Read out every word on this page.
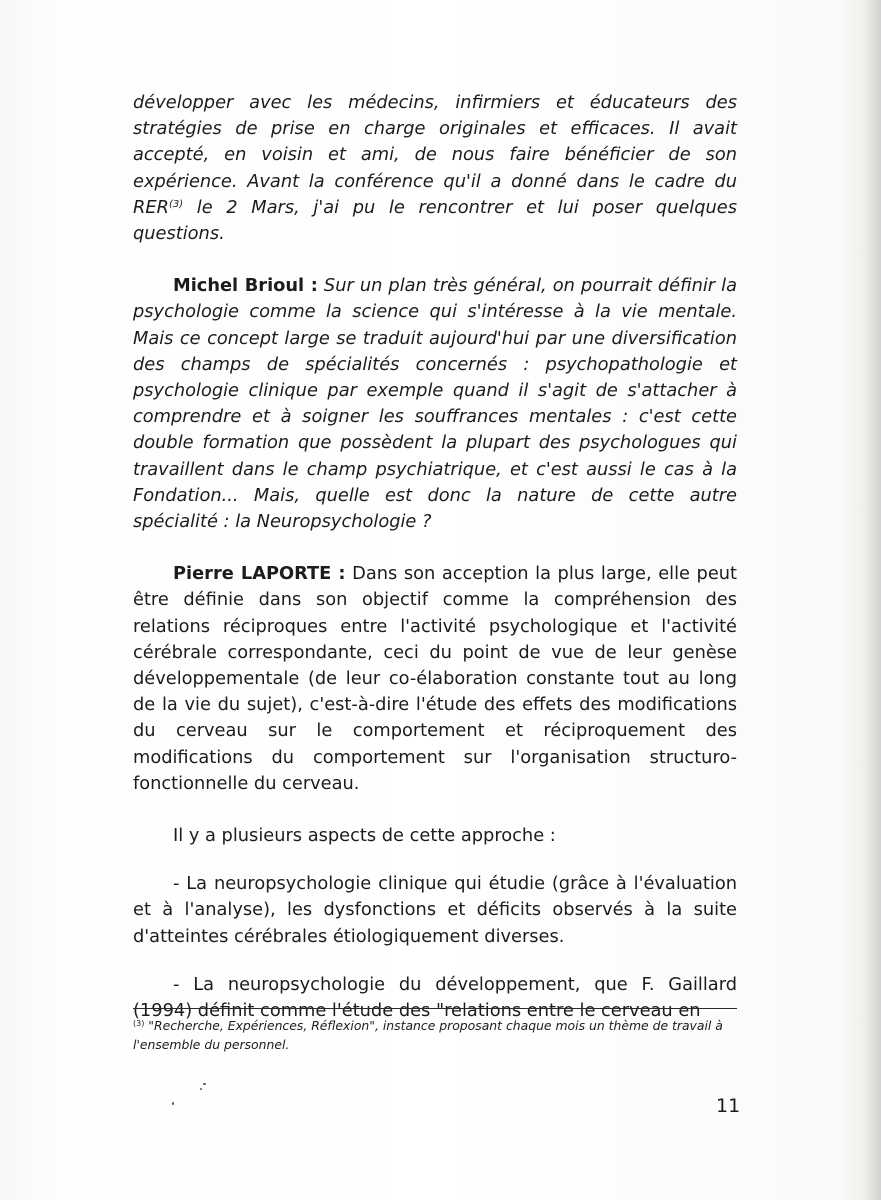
développer avec les médecins, infirmiers et éducateurs des stratégies de prise en charge originales et efficaces. Il avait accepté, en voisin et ami, de nous faire bénéficier de son expérience. Avant la conférence qu'il a donné dans le cadre du RER$^{(3)}$ le 2 Mars, j'ai pu le rencontrer et lui poser quelques questions.

Michel Brioul : Sur un plan très général, on pourrait définir la psychologie comme la science qui s'intéresse à la vie mentale. Mais ce concept large se traduit aujourd'hui par une diversification des champs de spécialités concernés : psychopathologie et psychologie clinique par exemple quand il s'agit de s'attacher à comprendre et à soigner les souffrances mentales : c'est cette double formation que possèdent la plupart des psychologues qui travaillent dans le champ psychiatrique, et c'est aussi le cas à la Fondation... Mais, quelle est donc la nature de cette autre spécialité : la Neuropsychologie ?

Pierre LAPORTE : Dans son acception la plus large, elle peut être définie dans son objectif comme la compréhension des relations réciproques entre l'activité psychologique et l'activité cérébrale correspondante, ceci du point de vue de leur genèse développementale (de leur co-élaboration constante tout au long de la vie du sujet), c'est-à-dire l'étude des effets des modifications du cerveau sur le comportement et réciproquement des modifications du comportement sur l'organisation structuro-fonctionnelle du cerveau.

Il y a plusieurs aspects de cette approche :

- La neuropsychologie clinique qui étudie (grâce à l'évaluation et à l'analyse), les dysfonctions et déficits observés à la suite d'atteintes cérébrales étiologiquement diverses.

- La neuropsychologie du développement, que F. Gaillard (1994) définit comme l'étude des "relations entre le cerveau en

$^{(3)}$ "Recherche, Expériences, Réflexion", instance proposant chaque mois un thème de travail à l'ensemble du personnel.

11
